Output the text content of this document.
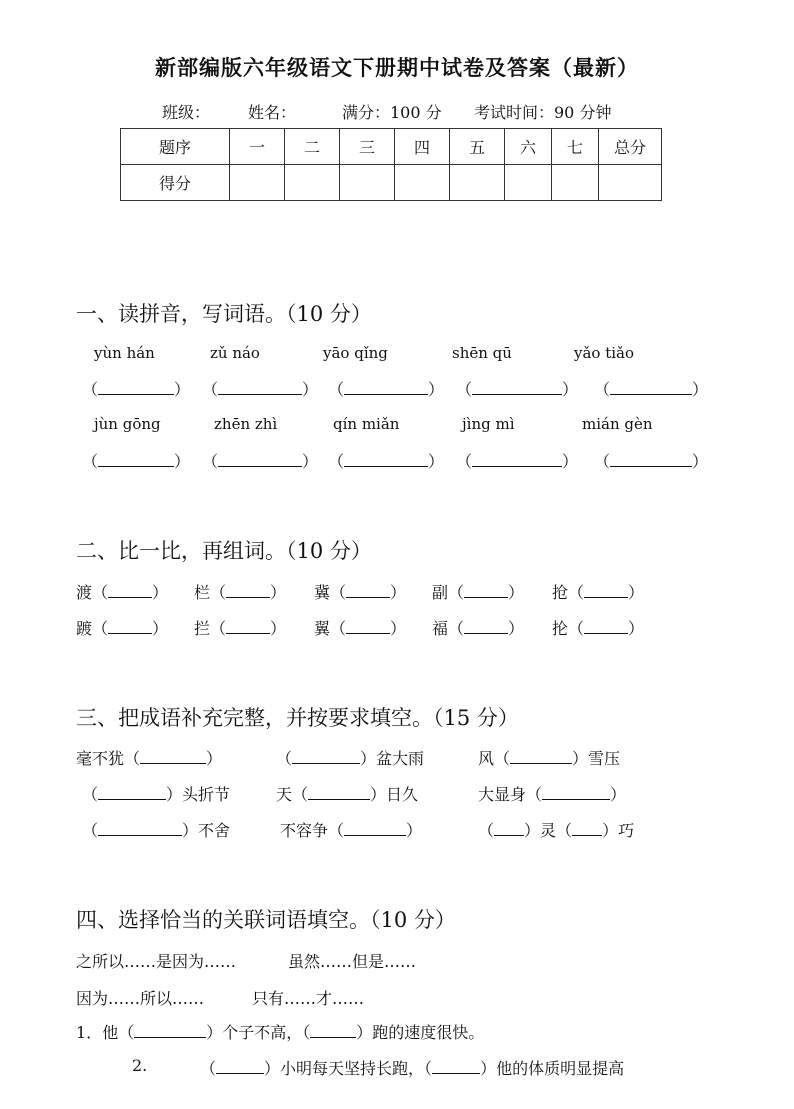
新部编版六年级语文下册期中试卷及答案（最新）
班级： 姓名：	满分：100 分 考试时间：90 分钟
题序	一	二	三	四	五	六	七	总分
得分								
一、读拼音，写词语。（10 分）
yùn hán	zǔ náo	yāo qǐng	shēn qū	yǎo tiǎo
（	） （	） （	） （	） （	）
jùn gōng	zhēn zhì	qín miǎn	jìng mì	mián gèn
（	） （	） （	） （	） （	）
二、比一比，再组词。（10 分）
渡（	） 栏（	） 冀（	） 副（	） 抢（	）
踱（	） 拦（	） 翼（	） 福（	） 抡（	）
三、把成语补充完整，并按要求填空。（15 分）
毫不犹（	）	（	）盆大雨	风（	）雪压
（	）头折节	天（	）日久	大显身（	）
（	）不舍	不容争（	）	（ ）灵（ ）巧
四、选择恰当的关联词语填空。（10 分）
之所以……是因为……	虽然……但是……
因为……所以……	只有……才……
1．他（	）个子不高，（	）跑的速度很快。
2.	（	）小明每天坚持长跑，（	）他的体质明显提高
